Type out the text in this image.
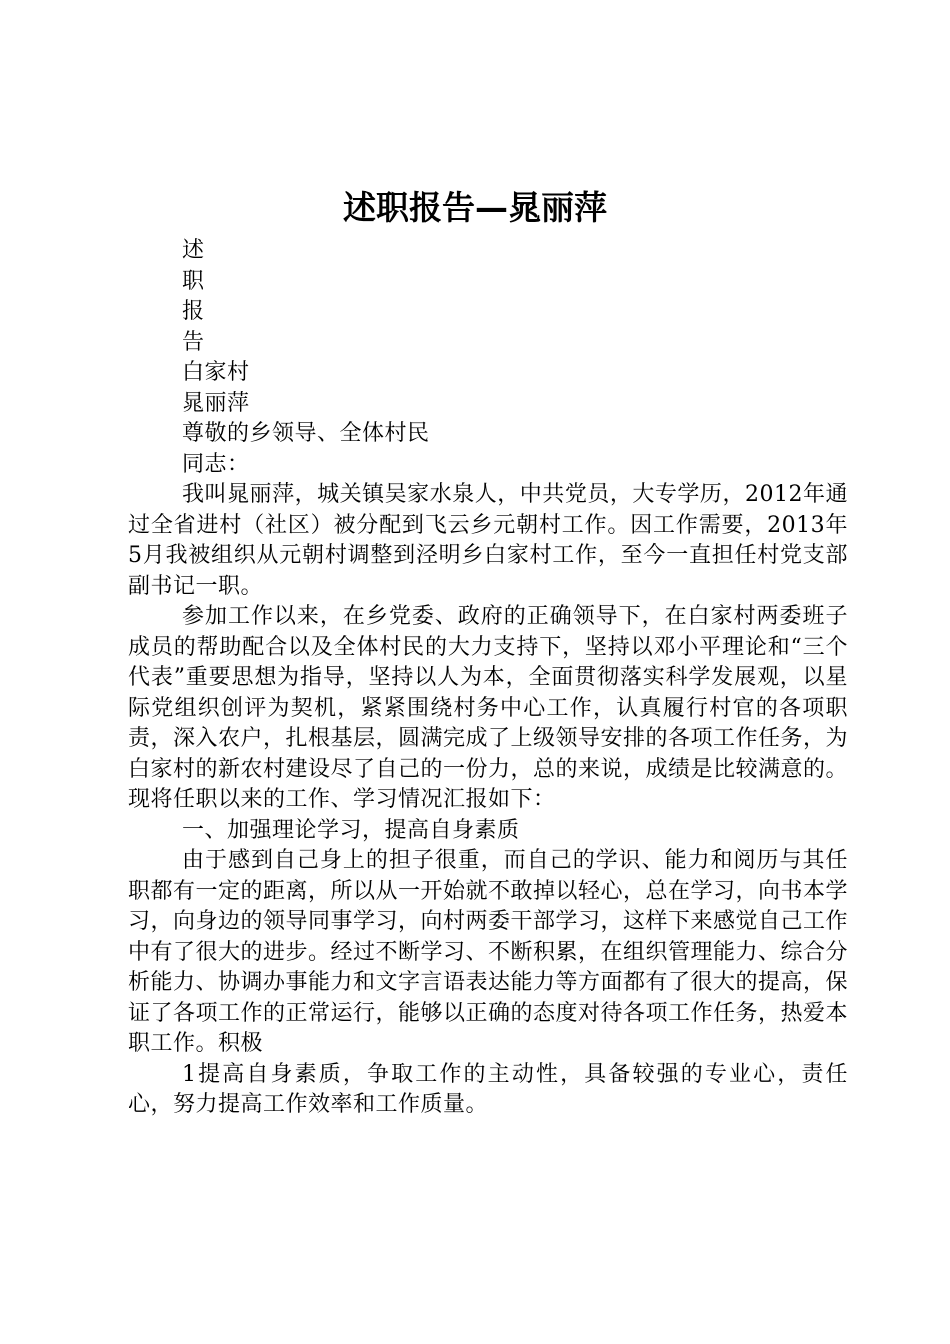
述职报告—晁丽萍

述

职

报

告

白家村

晁丽萍

尊敬的乡领导、全体村民

同志：

我叫晁丽萍，城关镇吴家水泉人，中共党员，大专学历，2012年通过全省进村（社区）被分配到飞云乡元朝村工作。因工作需要，2013年5月我被组织从元朝村调整到泾明乡白家村工作，至今一直担任村党支部副书记一职。

参加工作以来，在乡党委、政府的正确领导下，在白家村两委班子成员的帮助配合以及全体村民的大力支持下，坚持以邓小平理论和“三个代表”重要思想为指导，坚持以人为本，全面贯彻落实科学发展观，以星际党组织创评为契机，紧紧围绕村务中心工作，认真履行村官的各项职责，深入农户，扎根基层，圆满完成了上级领导安排的各项工作任务，为白家村的新农村建设尽了自己的一份力，总的来说，成绩是比较满意的。现将任职以来的工作、学习情况汇报如下：

一、加强理论学习，提高自身素质

由于感到自己身上的担子很重，而自己的学识、能力和阅历与其任职都有一定的距离，所以从一开始就不敢掉以轻心，总在学习，向书本学习，向身边的领导同事学习，向村两委干部学习，这样下来感觉自己工作中有了很大的进步。经过不断学习、不断积累，在组织管理能力、综合分析能力、协调办事能力和文字言语表达能力等方面都有了很大的提高，保证了各项工作的正常运行，能够以正确的态度对待各项工作任务，热爱本职工作。积极

1提高自身素质，争取工作的主动性，具备较强的专业心，责任心，努力提高工作效率和工作质量。
